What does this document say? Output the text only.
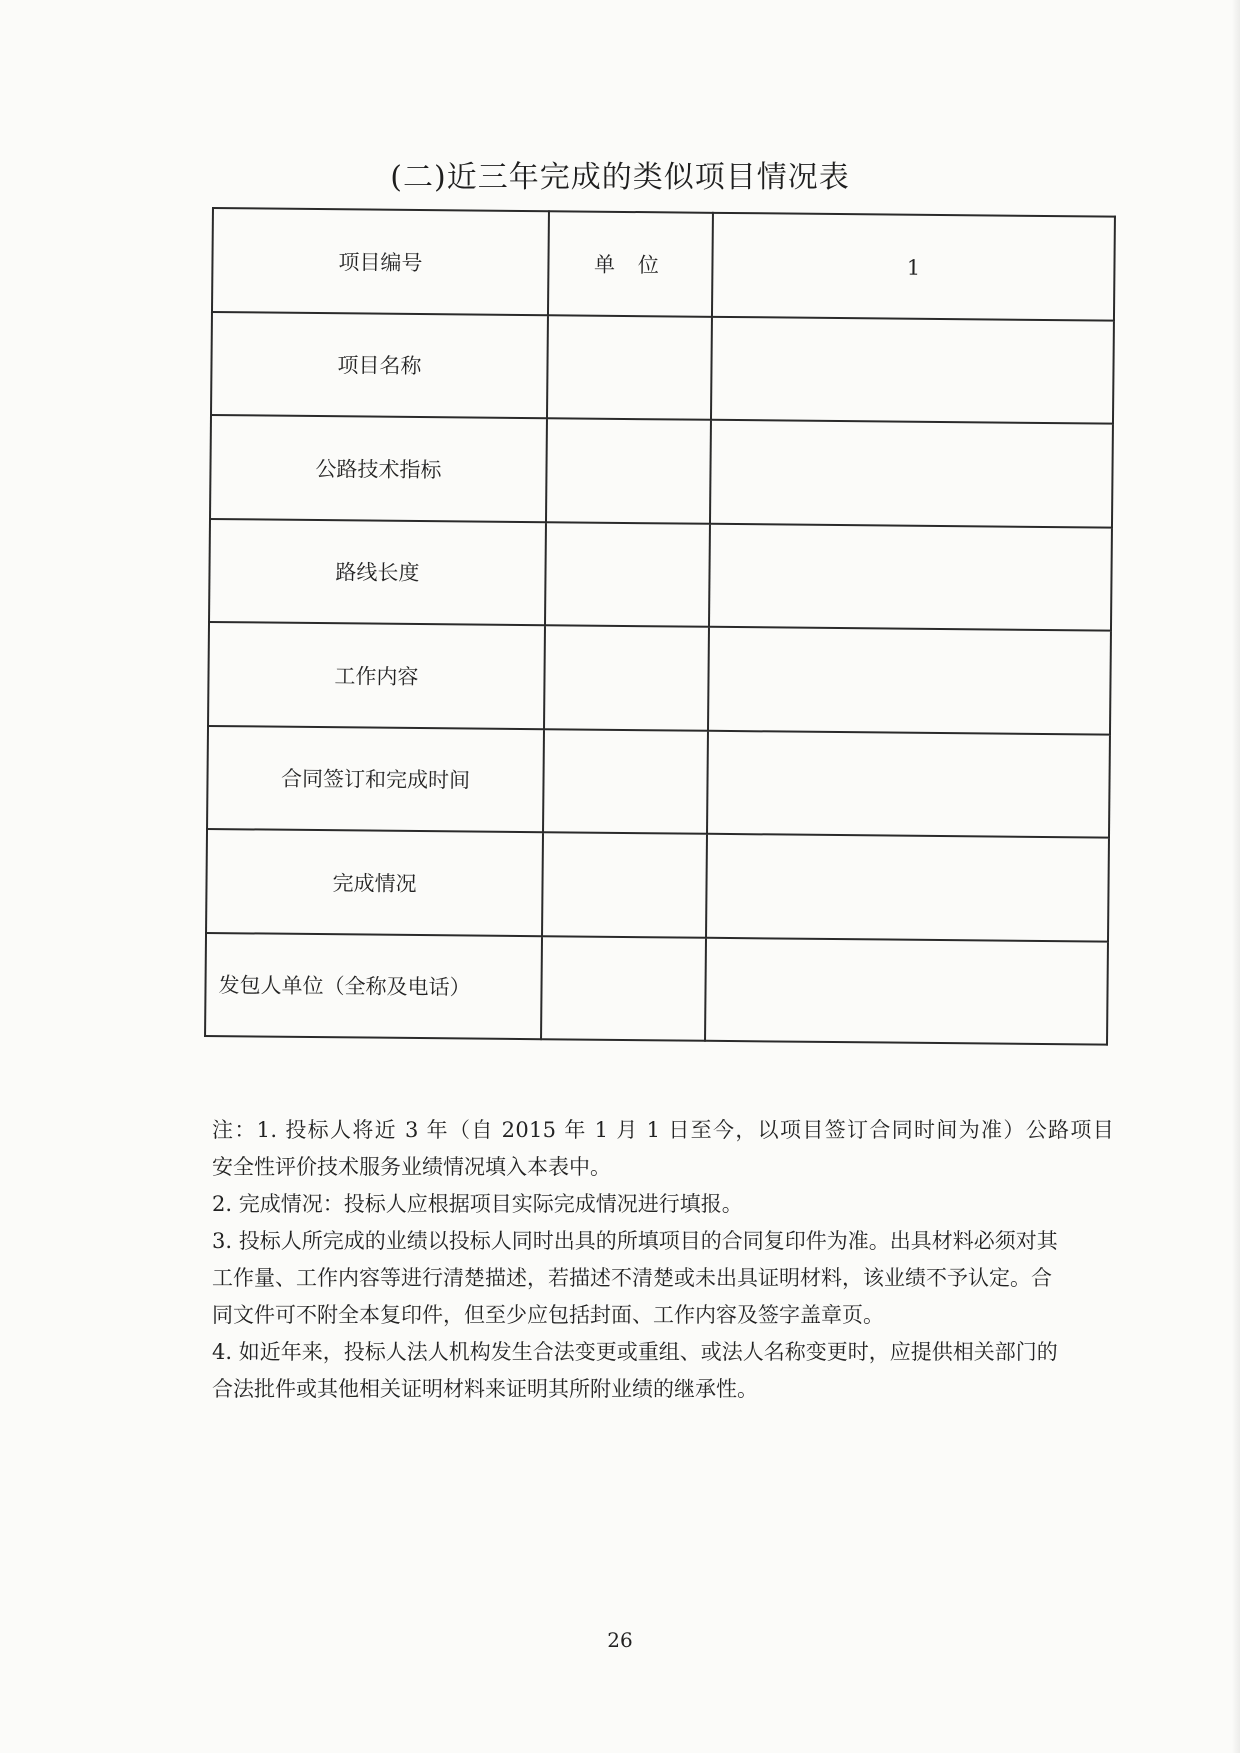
(二)近三年完成的类似项目情况表
项目编号	单 位	1
项目名称		
公路技术指标		
路线长度		
工作内容		
合同签订和完成时间		
完成情况		
发包人单位（全称及电话）		

注：1. 投标人将近 3 年（自 2015 年 1 月 1 日至今，以项目签订合同时间为准）公路项目

安全性评价技术服务业绩情况填入本表中。

2. 完成情况：投标人应根据项目实际完成情况进行填报。

3. 投标人所完成的业绩以投标人同时出具的所填项目的合同复印件为准。出具材料必须对其

工作量、工作内容等进行清楚描述，若描述不清楚或未出具证明材料，该业绩不予认定。合

同文件可不附全本复印件，但至少应包括封面、工作内容及签字盖章页。

4. 如近年来，投标人法人机构发生合法变更或重组、或法人名称变更时，应提供相关部门的

合法批件或其他相关证明材料来证明其所附业绩的继承性。

26
